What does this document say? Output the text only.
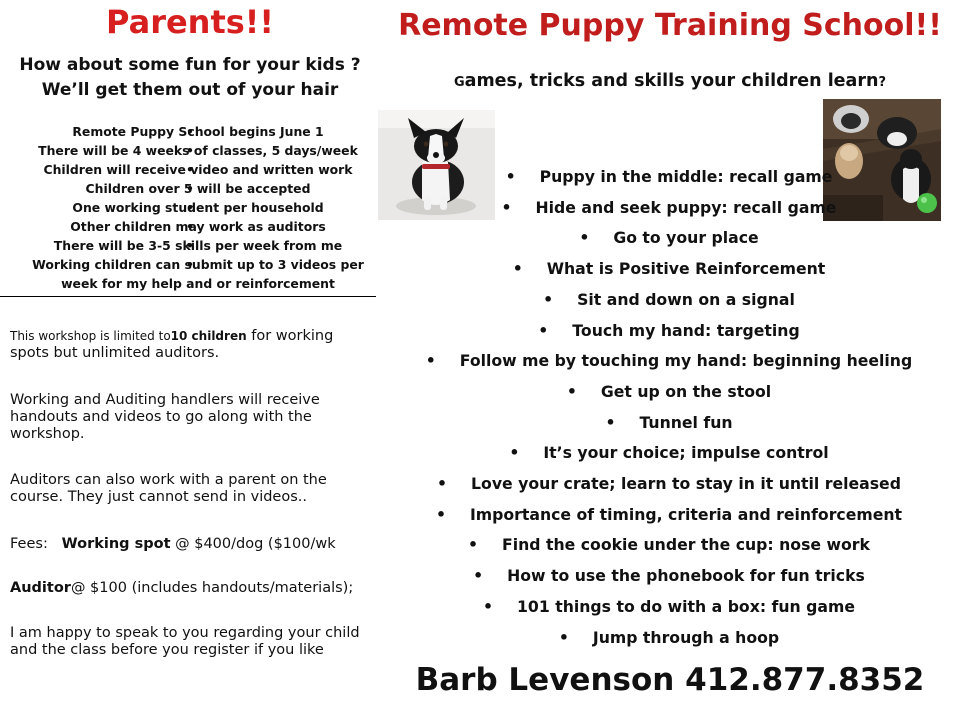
Parents!!
How about some fun for your kids ?
We’ll get them out of your hair
• Remote Puppy School begins June 1
• There will be 4 weeks of classes, 5 days/week
• Children will receive video and written work
• Children over 5 will be accepted
• One working student per household
• Other children may work as auditors
• There will be 3-5 skills per week from me
• Working children can submit up to 3 videos per week for my help and or reinforcement

This workshop is limited to10 children for working spots but unlimited auditors.

Working and Auditing handlers will receive handouts and videos to go along with the workshop.

Auditors can also work with a parent on the course. They just cannot send in videos..

Fees:   Working spot @ $400/dog ($100/wk

Auditor@ $100 (includes handouts/materials);

I am happy to speak to you regarding your child and the class before you register if you like

Remote Puppy Training School!!
Games, tricks and skills your children learn?
• Puppy in the middle: recall game
• Hide and seek puppy: recall game
• Go to your place
• What is Positive Reinforcement
• Sit and down on a signal
• Touch my hand: targeting
• Follow me by touching my hand: beginning heeling
• Get up on the stool
• Tunnel fun
• It’s your choice; impulse control
• Love your crate; learn to stay in it until released
• Importance of timing, criteria and reinforcement
• Find the cookie under the cup: nose work
• How to use the phonebook for fun tricks
• 101 things to do with a box: fun game
• Jump through a hoop
Barb Levenson 412.877.8352
